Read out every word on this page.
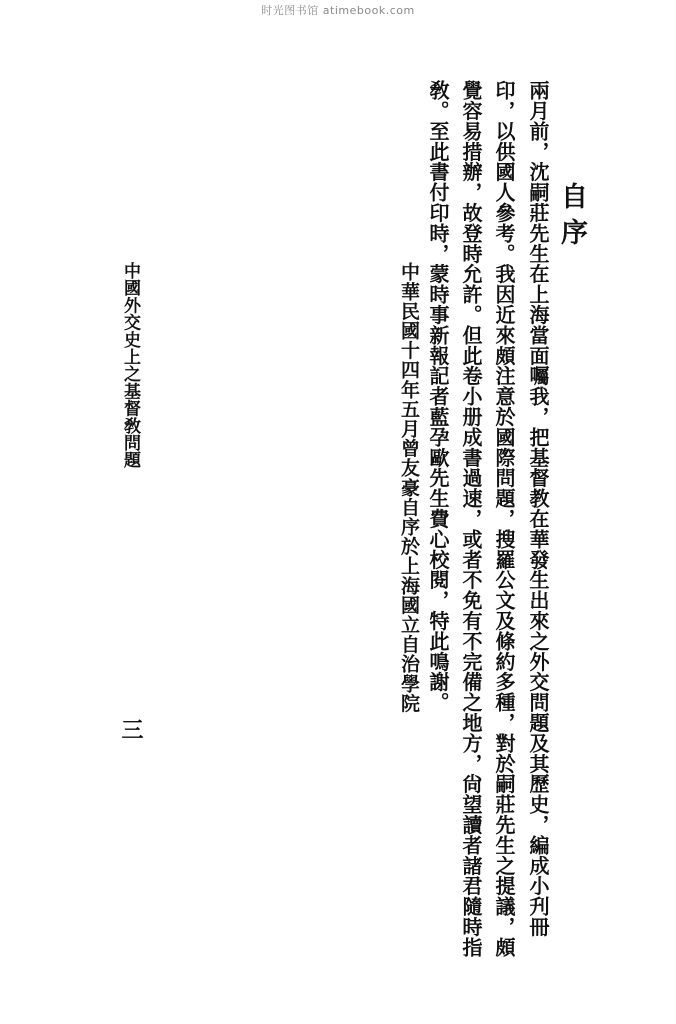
时光图书馆 atimebook.com
自序
兩月前，沈嗣莊先生在上海當面囑我，把基督教在華發生出來之外交問題及其歷史，編成小刋冊
印，以供國人參考。我因近來頗注意於國際問題，搜羅公文及條約多種，對於嗣莊先生之提議，頗
覺容易措辦，故登時允許。但此卷小册成書過速，或者不免有不完備之地方，尙望讀者諸君隨時指
敎。至此書付印時，蒙時事新報記者藍孕歐先生費心校閱，特此鳴謝。
中華民國十四年五月曾友豪自序於上海國立自治學院
中國外交史上之基督敎問題
三
